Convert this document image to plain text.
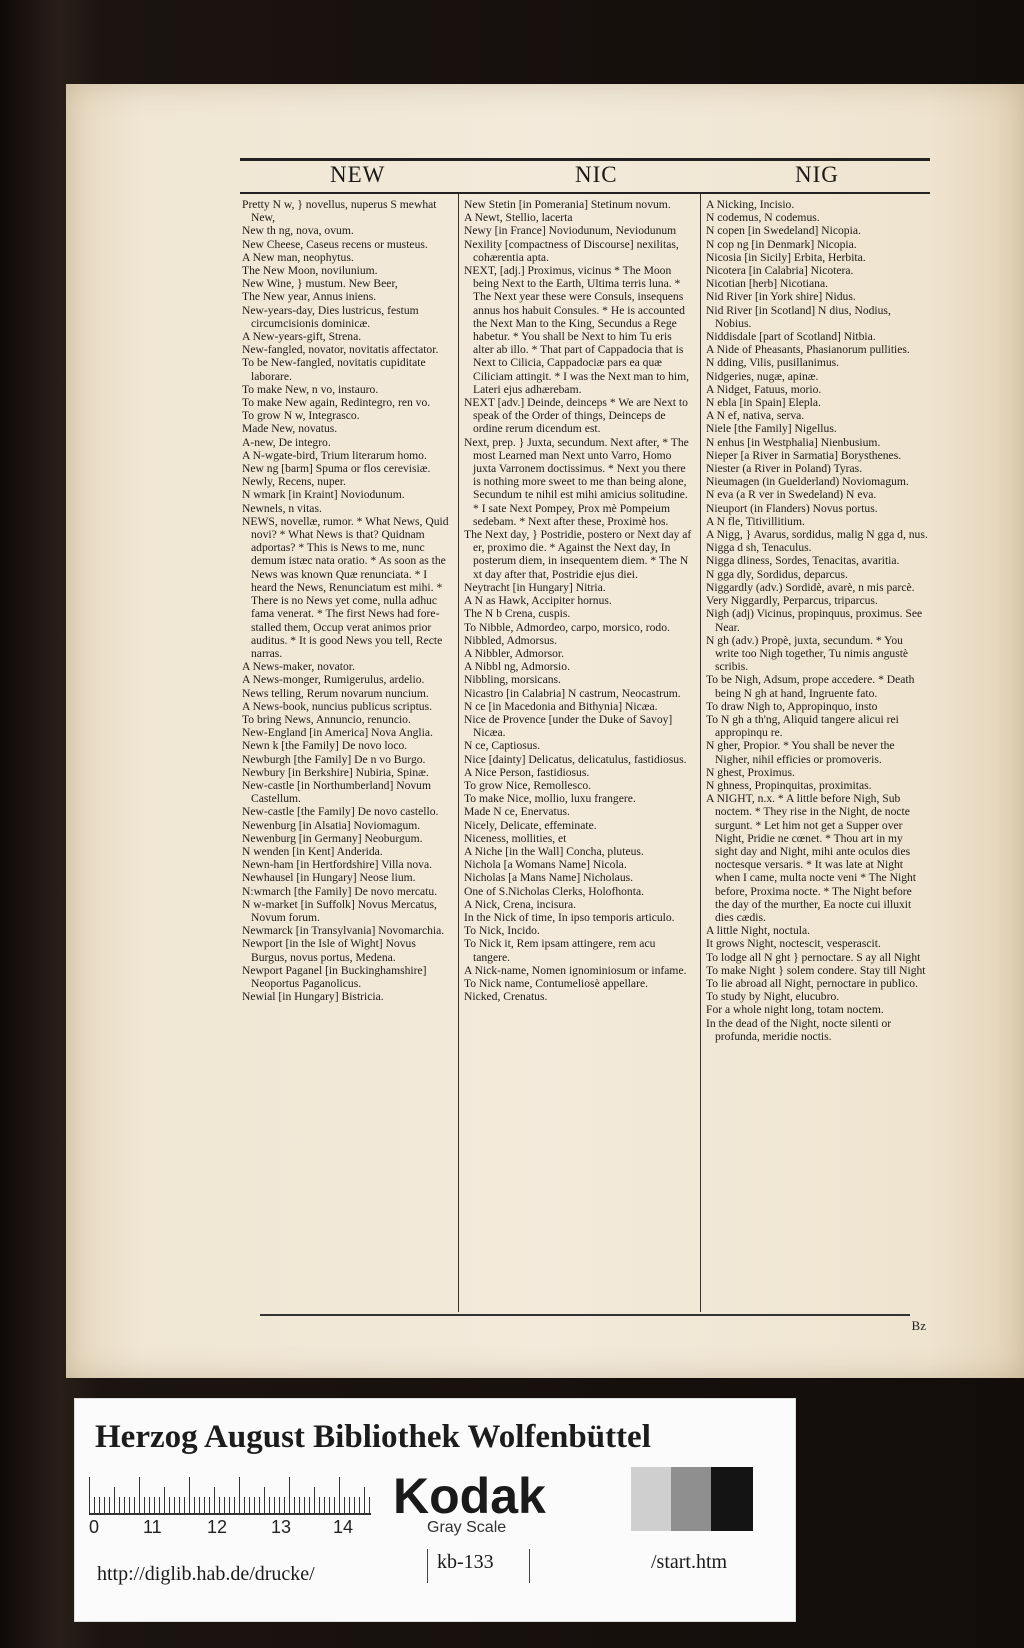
NEW	NIC	NIG
Pretty N w, } novellus, nuperus S mewhat New,
New th ng, nova, ovum.
New Cheese, Caseus recens or musteus.
A New man, neophytus.
The New Moon, novilunium.
New Wine, } mustum. New Beer,
The New year, Annus iniens.
New-years-day, Dies lustricus, festum circumcisionis dominicæ.
A New-years-gift, Strena.
New-fangled, novator, novitatis affectator.
To be New-fangled, novitatis cupiditate laborare.
To make New, n vo, instauro.
To make New again, Redintegro, ren vo.
To grow N w, Integrasco.
Made New, novatus.
A-new, De integro.
A N-wgate-bird, Trium literarum homo.
New ng [barm] Spuma or flos cerevisiæ.
Newly, Recens, nuper.
N wmark [in Kraint] Noviodunum.
Newnels, n vitas.
NEWS, novellæ, rumor. * What News, Quid novi? * What News is that? Quidnam adportas? * This is News to me, nunc demum istæc nata oratio. * As soon as the News was known Quæ renunciata. * I heard the News, Renunciatum est mihi. * There is no News yet come, nulla adhuc fama venerat. * The first News had fore-stalled them, Occup verat animos prior auditus. * It is good News you tell, Recte narras.
A News-maker, novator.
A News-monger, Rumigerulus, ardelio.
News telling, Rerum novarum nuncium.
A News-book, nuncius publicus scriptus.
To bring News, Annuncio, renuncio.
New-England [in America] Nova Anglia.
Newn k [the Family] De novo loco.
Newburgh [the Family] De n vo Burgo.
Newbury [in Berkshire] Nubiria, Spinæ.
New-castle [in Northumberland] Novum Castellum.
New-castle [the Family] De novo castello.
Newenburg [in Alsatia] Noviomagum.
Newenburg [in Germany] Neoburgum.
N wenden [in Kent] Anderida.
Newn-ham [in Hertfordshire] Villa nova.
Newhausel [in Hungary] Neose lium.
N:wmarch [the Family] De novo mercatu.
N w-market [in Suffolk] Novus Mercatus, Novum forum.
Newmarck [in Transylvania] Novomarchia.
Newport [in the Isle of Wight] Novus Burgus, novus portus, Medena.
Newport Paganel [in Buckinghamshire] Neoportus Paganolicus.
Newial [in Hungary] Bistricia.
New Stetin [in Pomerania] Stetinum novum.
A Newt, Stellio, lacerta
Newy [in France] Noviodunum, Neviodunum
Nexility [compactness of Discourse] nexilitas, cohærentia apta.
NEXT, [adj.] Proximus, vicinus * The Moon being Next to the Earth, Ultima terris luna. * The Next year these were Consuls, insequens annus hos habuit Consules. * He is accounted the Next Man to the King, Secundus a Rege habetur. * You shall be Next to him Tu eris alter ab illo. * That part of Cappadocia that is Next to Cilicia, Cappadociæ pars ea quæ Ciliciam attingit. * I was the Next man to him, Lateri ejus adhærebam.
NEXT [adv.] Deinde, deinceps * We are Next to speak of the Order of things, Deinceps de ordine rerum dicendum est.
Next, prep. } Juxta, secundum. Next after, * The most Learned man Next unto Varro, Homo juxta Varronem doctissimus. * Next you there is nothing more sweet to me than being alone, Secundum te nihil est mihi amicius solitudine. * I sate Next Pompey, Prox mè Pompeium sedebam. * Next after these, Proximè hos.
The Next day, } Postridie, postero or Next day af er, proximo die. * Against the Next day, In posterum diem, in insequentem diem. * The N xt day after that, Postridie ejus diei.
Neytracht [in Hungary] Nitria.
A N as Hawk, Accipiter hornus.
The N b Crena, cuspis.
To Nibble, Admordeo, carpo, morsico, rodo.
Nibbled, Admorsus.
A Nibbler, Admorsor.
A Nibbl ng, Admorsio.
Nibbling, morsicans.
Nicastro [in Calabria] N castrum, Neocastrum.
N ce [in Macedonia and Bithynia] Nicæa.
Nice de Provence [under the Duke of Savoy] Nicæa.
N ce, Captiosus.
Nice [dainty] Delicatus, delicatulus, fastidiosus.
A Nice Person, fastidiosus.
To grow Nice, Remollesco.
To make Nice, mollio, luxu frangere.
Made N ce, Enervatus.
Nicely, Delicate, effeminate.
Niceness, mollities, et
A Niche [in the Wall] Concha, pluteus.
Nichola [a Womans Name] Nicola.
Nicholas [a Mans Name] Nicholaus.
One of S.Nicholas Clerks, Holofhonta.
A Nick, Crena, incisura.
In the Nick of time, In ipso temporis articulo.
To Nick, Incido.
To Nick it, Rem ipsam attingere, rem acu tangere.
A Nick-name, Nomen ignominiosum or infame.
To Nick name, Contumeliosè appellare.
Nicked, Crenatus.
A Nicking, Incisio.
N codemus, N codemus.
N copen [in Swedeland] Nicopia.
N cop ng [in Denmark] Nicopia.
Nicosia [in Sicily] Erbita, Herbita.
Nicotera [in Calabria] Nicotera.
Nicotian [herb] Nicotiana.
Nid River [in York shire] Nidus.
Nid River [in Scotland] N dius, Nodius, Nobius.
Niddisdale [part of Scotland] Nitbia.
A Nide of Pheasants, Phasianorum pullities.
N dding, Vilis, pusillanimus.
Nidgeries, nugæ, apinæ.
A Nidget, Fatuus, morio.
N ebla [in Spain] Elepla.
A N ef, nativa, serva.
Niele [the Family] Nigellus.
N enhus [in Westphalia] Nienbusium.
Nieper [a River in Sarmatia] Borysthenes.
Niester (a River in Poland) Tyras.
Nieumagen (in Guelderland) Noviomagum.
N eva (a R ver in Swedeland) N eva.
Nieuport (in Flanders) Novus portus.
A N fle, Titivillitium.
A Nigg, } Avarus, sordidus, malig N gga d, nus.
Nigga d sh, Tenaculus.
Nigga dliness, Sordes, Tenacitas, avaritia.
N gga dly, Sordidus, deparcus.
Niggardly (adv.) Sordidè, avarè, n mis parcè.
Very Niggardly, Perparcus, triparcus.
Nigh (adj) Vicinus, propinquus, proximus. See Near.
N gh (adv.) Propè, juxta, secundum. * You write too Nigh together, Tu nimis angustè scribis.
To be Nigh, Adsum, prope accedere. * Death being N gh at hand, Ingruente fato.
To draw Nigh to, Appropinquo, insto
To N gh a th'ng, Aliquid tangere alicui rei appropinqu re.
N gher, Propior. * You shall be never the Nigher, nihil efficies or promoveris.
N ghest, Proximus.
N ghness, Propinquitas, proximitas.
A NIGHT, n.x. * A little before Nigh, Sub noctem. * They rise in the Night, de nocte surgunt. * Let him not get a Supper over Night, Pridie ne cœnet. * Thou art in my sight day and Night, mihi ante oculos dies noctesque versaris. * It was late at Night when I came, multa nocte veni * The Night before, Proxima nocte. * The Night before the day of the murther, Ea nocte cui illuxit dies cædis.
A little Night, noctula.
It grows Night, noctescit, vesperascit.
To lodge all N ght } pernoctare. S ay all Night
To make Night } solem condere. Stay till Night
To lie abroad all Night, pernoctare in publico.
To study by Night, elucubro.
For a whole night long, totam noctem.
In the dead of the Night, nocte silenti or profunda, meridie noctis.
Bz
Herzog August Bibliothek Wolfenbüttel
0 11	12 13 14
Kodak
Gray Scale
http://diglib.hab.de/drucke/
kb-133	/start.htm
